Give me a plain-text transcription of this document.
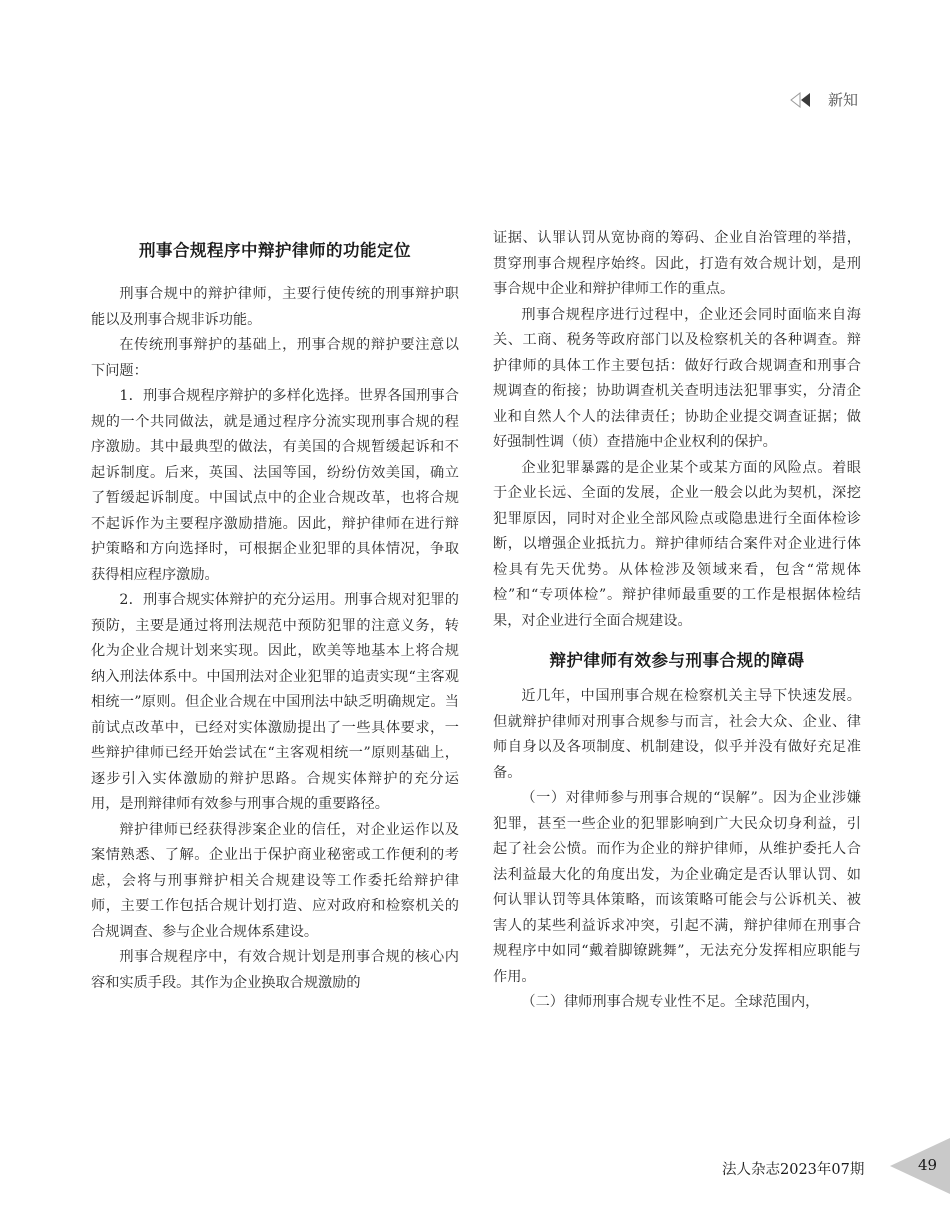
新知
刑事合规程序中辩护律师的功能定位

刑事合规中的辩护律师，主要行使传统的刑事辩护职能以及刑事合规非诉功能。

在传统刑事辩护的基础上，刑事合规的辩护要注意以下问题：

1．刑事合规程序辩护的多样化选择。世界各国刑事合规的一个共同做法，就是通过程序分流实现刑事合规的程序激励。其中最典型的做法，有美国的合规暂缓起诉和不起诉制度。后来，英国、法国等国，纷纷仿效美国，确立了暂缓起诉制度。中国试点中的企业合规改革，也将合规不起诉作为主要程序激励措施。因此，辩护律师在进行辩护策略和方向选择时，可根据企业犯罪的具体情况，争取获得相应程序激励。

2．刑事合规实体辩护的充分运用。刑事合规对犯罪的预防，主要是通过将刑法规范中预防犯罪的注意义务，转化为企业合规计划来实现。因此，欧美等地基本上将合规纳入刑法体系中。中国刑法对企业犯罪的追责实现“主客观相统一”原则。但企业合规在中国刑法中缺乏明确规定。当前试点改革中，已经对实体激励提出了一些具体要求，一些辩护律师已经开始尝试在“主客观相统一”原则基础上，逐步引入实体激励的辩护思路。合规实体辩护的充分运用，是刑辩律师有效参与刑事合规的重要路径。

辩护律师已经获得涉案企业的信任，对企业运作以及案情熟悉、了解。企业出于保护商业秘密或工作便利的考虑，会将与刑事辩护相关合规建设等工作委托给辩护律师，主要工作包括合规计划打造、应对政府和检察机关的合规调查、参与企业合规体系建设。

刑事合规程序中，有效合规计划是刑事合规的核心内容和实质手段。其作为企业换取合规激励的

证据、认罪认罚从宽协商的筹码、企业自治管理的举措，贯穿刑事合规程序始终。因此，打造有效合规计划，是刑事合规中企业和辩护律师工作的重点。

刑事合规程序进行过程中，企业还会同时面临来自海关、工商、税务等政府部门以及检察机关的各种调查。辩护律师的具体工作主要包括：做好行政合规调查和刑事合规调查的衔接；协助调查机关查明违法犯罪事实，分清企业和自然人个人的法律责任；协助企业提交调查证据；做好强制性调（侦）查措施中企业权利的保护。

企业犯罪暴露的是企业某个或某方面的风险点。着眼于企业长远、全面的发展，企业一般会以此为契机，深挖犯罪原因，同时对企业全部风险点或隐患进行全面体检诊断，以增强企业抵抗力。辩护律师结合案件对企业进行体检具有先天优势。从体检涉及领域来看，包含“常规体检”和“专项体检”。辩护律师最重要的工作是根据体检结果，对企业进行全面合规建设。

辩护律师有效参与刑事合规的障碍

近几年，中国刑事合规在检察机关主导下快速发展。但就辩护律师对刑事合规参与而言，社会大众、企业、律师自身以及各项制度、机制建设，似乎并没有做好充足准备。

（一）对律师参与刑事合规的“误解”。因为企业涉嫌犯罪，甚至一些企业的犯罪影响到广大民众切身利益，引起了社会公愤。而作为企业的辩护律师，从维护委托人合法利益最大化的角度出发，为企业确定是否认罪认罚、如何认罪认罚等具体策略，而该策略可能会与公诉机关、被害人的某些利益诉求冲突，引起不满，辩护律师在刑事合规程序中如同“戴着脚镣跳舞”，无法充分发挥相应职能与作用。

（二）律师刑事合规专业性不足。全球范围内，

法人杂志2023年07期	49
